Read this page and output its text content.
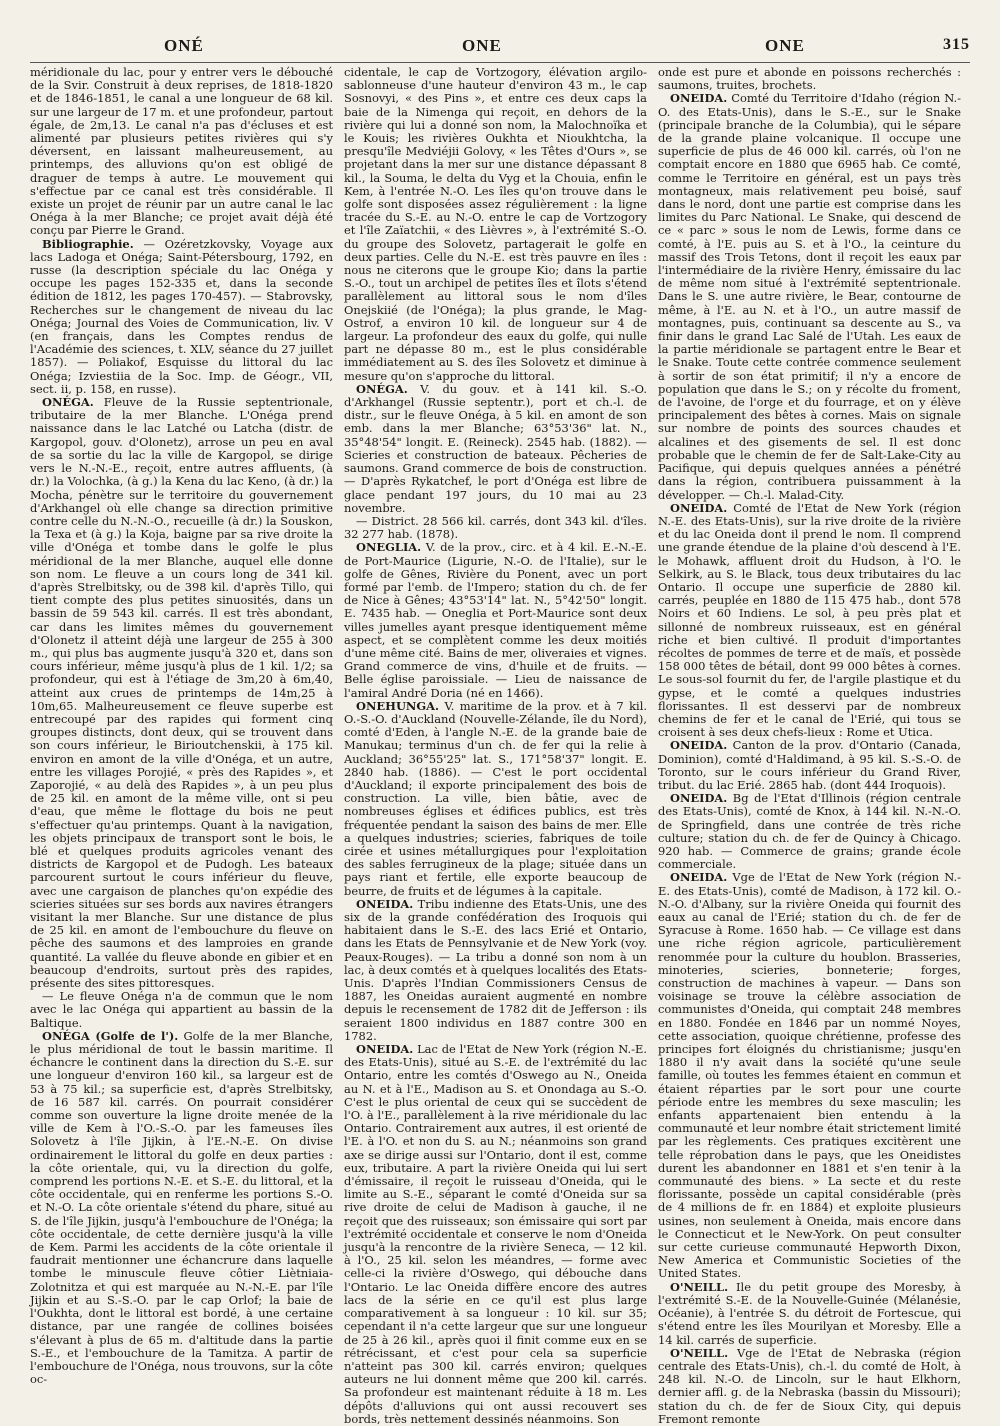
ONÉ	ONE	ONE	315

méridionale du lac, pour y entrer vers le débouché de la Svir. Construit à deux reprises, de 1818-1820 et de 1846-1851, le canal a une longueur de 68 kil. sur une largeur de 17 m. et une profondeur, partout égale, de 2m,13. Le canal n'a pas d'écluses et est alimenté par plusieurs petites rivières qui s'y déversent, en laissant malheureusement, au printemps, des alluvions qu'on est obligé de draguer de temps à autre. Le mouvement qui s'effectue par ce canal est très considérable. Il existe un projet de réunir par un autre canal le lac Onéga à la mer Blanche; ce projet avait déjà été conçu par Pierre le Grand.

Bibliographie. — Ozéretzkovsky, Voyage aux lacs Ladoga et Onéga; Saint-Pétersbourg, 1792, en russe (la description spéciale du lac Onéga y occupe les pages 152-335 et, dans la seconde édition de 1812, les pages 170-457). — Stabrovsky, Recherches sur le changement de niveau du lac Onéga; Journal des Voies de Communication, liv. V (en français, dans les Comptes rendus de l'Académie des sciences, t. XLV, séance du 27 juillet 1857). — Poliakof, Esquisse du littoral du lac Onéga; Izviestiia de la Soc. Imp. de Géogr., VII, sect. ii, p. 158, en russe).

ONÉGA. Fleuve de la Russie septentrionale, tributaire de la mer Blanche. L'Onéga prend naissance dans le lac Latché ou Latcha (distr. de Kargopol, gouv. d'Olonetz), arrose un peu en aval de sa sortie du lac la ville de Kargopol, se dirige vers le N.-N.-E., reçoit, entre autres affluents, (à dr.) la Volochka, (à g.) la Kena du lac Keno, (à dr.) la Mocha, pénètre sur le territoire du gouvernement d'Arkhangel où elle change sa direction primitive contre celle du N.-N.-O., recueille (à dr.) la Souskon, la Texa et (à g.) la Koja, baigne par sa rive droite la ville d'Onéga et tombe dans le golfe le plus méridional de la mer Blanche, auquel elle donne son nom. Le fleuve a un cours long de 341 kil. d'après Strelbitsky, ou de 398 kil. d'après Tillo, qui tient compte des plus petites sinuosités, dans un bassin de 59 543 kil. carrés. Il est très abondant, car dans les limites mêmes du gouvernement d'Olonetz il atteint déjà une largeur de 255 à 300 m., qui plus bas augmente jusqu'à 320 et, dans son cours inférieur, même jusqu'à plus de 1 kil. 1/2; sa profondeur, qui est à l'étiage de 3m,20 à 6m,40, atteint aux crues de printemps de 14m,25 à 10m,65. Malheureusement ce fleuve superbe est entrecoupé par des rapides qui forment cinq groupes distincts, dont deux, qui se trouvent dans son cours inférieur, le Birioutchenskii, à 175 kil. environ en amont de la ville d'Onéga, et un autre, entre les villages Porojié, « près des Rapides », et Zaporojié, « au delà des Rapides », à un peu plus de 25 kil. en amont de la même ville, ont si peu d'eau, que même le flottage du bois ne peut s'effectuer qu'au printemps. Quant à la navigation, les objets principaux de transport sont le bois, le blé et quelques produits agricoles venant des districts de Kargopol et de Pudogh. Les bateaux parcourent surtout le cours inférieur du fleuve, avec une cargaison de planches qu'on expédie des scieries situées sur ses bords aux navires étrangers visitant la mer Blanche. Sur une distance de plus de 25 kil. en amont de l'embouchure du fleuve on pêche des saumons et des lamproies en grande quantité. La vallée du fleuve abonde en gibier et en beaucoup d'endroits, surtout près des rapides, présente des sites pittoresques.

— Le fleuve Onéga n'a de commun que le nom avec le lac Onéga qui appartient au bassin de la Baltique.

ONÉGA (Golfe de l'). Golfe de la mer Blanche, le plus méridional de tout le bassin maritime. Il échancre le continent dans la direction du S.-E. sur une longueur d'environ 160 kil., sa largeur est de 53 à 75 kil.; sa superficie est, d'après Strelbitsky, de 16 587 kil. carrés. On pourrait considérer comme son ouverture la ligne droite menée de la ville de Kem à l'O.-S.-O. par les fameuses îles Solovetz à l'île Jijkin, à l'E.-N.-E. On divise ordinairement le littoral du golfe en deux parties : la côte orientale, qui, vu la direction du golfe, comprend les portions N.-E. et S.-E. du littoral, et la côte occidentale, qui en renferme les portions S.-O. et N.-O. La côte orientale s'étend du phare, situé au S. de l'île Jijkin, jusqu'à l'embouchure de l'Onéga; la côte occidentale, de cette dernière jusqu'à la ville de Kem. Parmi les accidents de la côte orientale il faudrait mentionner une échancrure dans laquelle tombe le minuscule fleuve côtier Liètniaia-Zolotnitza et qui est marquée au N.-N.-E. par l'île Jijkin et au S.-S.-O. par le cap Orlof; la baie de l'Oukhta, dont le littoral est bordé, à une certaine distance, par une rangée de collines boisées s'élevant à plus de 65 m. d'altitude dans la partie S.-E., et l'embouchure de la Tamitza. A partir de l'embouchure de l'Onéga, nous trouvons, sur la côte oc-

cidentale, le cap de Vortzogory, élévation argilo-sablonneuse d'une hauteur d'environ 43 m., le cap Sosnovyi, « des Pins », et entre ces deux caps la baie de la Nimenga qui reçoit, en dehors de la rivière qui lui a donné son nom, la Malochnoïka et le Kouis; les rivières Oukhta et Nioukhtcha, la presqu'île Medviéjii Golovy, « les Têtes d'Ours », se projetant dans la mer sur une distance dépassant 8 kil., la Souma, le delta du Vyg et la Chouia, enfin le Kem, à l'entrée N.-O. Les îles qu'on trouve dans le golfe sont disposées assez régulièrement : la ligne tracée du S.-E. au N.-O. entre le cap de Vortzogory et l'île Zaïatchii, « des Lièvres », à l'extrémité S.-O. du groupe des Solovetz, partagerait le golfe en deux parties. Celle du N.-E. est très pauvre en îles : nous ne citerons que le groupe Kio; dans la partie S.-O., tout un archipel de petites îles et îlots s'étend parallèlement au littoral sous le nom d'îles Onejskiié (de l'Onéga); la plus grande, le Mag-Ostrof, a environ 10 kil. de longueur sur 4 de largeur. La profondeur des eaux du golfe, qui nulle part ne dépasse 80 m., est le plus considérable immédiatement au S. des îles Solovetz et diminue à mesure qu'on s'approche du littoral.

ONÉGA. V. du gouv. et à 141 kil. S.-O. d'Arkhangel (Russie septentr.), port et ch.-l. de distr., sur le fleuve Onéga, à 5 kil. en amont de son emb. dans la mer Blanche; 63°53'36" lat. N., 35°48'54" longit. E. (Reineck). 2545 hab. (1882). — Scieries et construction de bateaux. Pêcheries de saumons. Grand commerce de bois de construction. — D'après Rykatchef, le port d'Onéga est libre de glace pendant 197 jours, du 10 mai au 23 novembre.

— District. 28 566 kil. carrés, dont 343 kil. d'îles. 32 277 hab. (1878).

ONEGLIA. V. de la prov., circ. et à 4 kil. E.-N.-E. de Port-Maurice (Ligurie, N.-O. de l'Italie), sur le golfe de Gênes, Rivière du Ponent, avec un port formé par l'emb. de l'Impero; station du ch. de fer de Nice à Gênes; 43°53'14" lat. N., 5°42'50" longit. E. 7435 hab. — Oneglia et Port-Maurice sont deux villes jumelles ayant presque identiquement même aspect, et se complètent comme les deux moitiés d'une même cité. Bains de mer, oliveraies et vignes. Grand commerce de vins, d'huile et de fruits. — Belle église paroissiale. — Lieu de naissance de l'amiral André Doria (né en 1466).

ONEHUNGA. V. maritime de la prov. et à 7 kil. O.-S.-O. d'Auckland (Nouvelle-Zélande, île du Nord), comté d'Eden, à l'angle N.-E. de la grande baie de Manukau; terminus d'un ch. de fer qui la relie à Auckland; 36°55'25" lat. S., 171°58'37" longit. E. 2840 hab. (1886). — C'est le port occidental d'Auckland; il exporte principalement des bois de construction. La ville, bien bâtie, avec de nombreuses églises et édifices publics, est très fréquentée pendant la saison des bains de mer. Elle a quelques industries; scieries, fabriques de toile cirée et usines métallurgiques pour l'exploitation des sables ferrugineux de la plage; située dans un pays riant et fertile, elle exporte beaucoup de beurre, de fruits et de légumes à la capitale.

ONEIDA. Tribu indienne des Etats-Unis, une des six de la grande confédération des Iroquois qui habitaient dans le S.-E. des lacs Erié et Ontario, dans les Etats de Pennsylvanie et de New York (voy. Peaux-Rouges). — La tribu a donné son nom à un lac, à deux comtés et à quelques localités des Etats-Unis. D'après l'Indian Commissioners Census de 1887, les Oneidas auraient augmenté en nombre depuis le recensement de 1782 dit de Jefferson : ils seraient 1800 individus en 1887 contre 300 en 1782.

ONEIDA. Lac de l'Etat de New York (région N.-E. des Etats-Unis), situé au S.-E. de l'extrémité du lac Ontario, entre les comtés d'Oswego au N., Oneida au N. et à l'E., Madison au S. et Onondaga au S.-O. C'est le plus oriental de ceux qui se succèdent de l'O. à l'E., parallèlement à la rive méridionale du lac Ontario. Contrairement aux autres, il est orienté de l'E. à l'O. et non du S. au N.; néanmoins son grand axe se dirige aussi sur l'Ontario, dont il est, comme eux, tributaire. A part la rivière Oneida qui lui sert d'émissaire, il reçoit le ruisseau d'Oneida, qui le limite au S.-E., séparant le comté d'Oneida sur sa rive droite de celui de Madison à gauche, il ne reçoit que des ruisseaux; son émissaire qui sort par l'extrémité occidentale et conserve le nom d'Oneida jusqu'à la rencontre de la rivière Seneca, — 12 kil. à l'O., 25 kil. selon les méandres, — forme avec celle-ci la rivière d'Oswego, qui débouche dans l'Ontario. Le lac Oneida diffère encore des autres lacs de la série en ce qu'il est plus large comparativement à sa longueur : 10 kil. sur 35; cependant il n'a cette largeur que sur une longueur de 25 à 26 kil., après quoi il finit comme eux en se rétrécissant, et c'est pour cela sa superficie n'atteint pas 300 kil. carrés environ; quelques auteurs ne lui donnent même que 200 kil. carrés. Sa profondeur est maintenant réduite à 18 m. Les dépôts d'alluvions qui ont aussi recouvert ses bords, très nettement dessinés néanmoins. Son

onde est pure et abonde en poissons recherchés : saumons, truites, brochets.

ONEIDA. Comté du Territoire d'Idaho (région N.-O. des Etats-Unis), dans le S.-E., sur le Snake (principale branche de la Columbia), qui le sépare de la grande plaine volcanique. Il occupe une superficie de plus de 46 000 kil. carrés, où l'on ne comptait encore en 1880 que 6965 hab. Ce comté, comme le Territoire en général, est un pays très montagneux, mais relativement peu boisé, sauf dans le nord, dont une partie est comprise dans les limites du Parc National. Le Snake, qui descend de ce « parc » sous le nom de Lewis, forme dans ce comté, à l'E. puis au S. et à l'O., la ceinture du massif des Trois Tetons, dont il reçoit les eaux par l'intermédiaire de la rivière Henry, émissaire du lac de même nom situé à l'extrémité septentrionale. Dans le S. une autre rivière, le Bear, contourne de même, à l'E. au N. et à l'O., un autre massif de montagnes, puis, continuant sa descente au S., va finir dans le grand Lac Salé de l'Utah. Les eaux de la partie méridionale se partagent entre le Bear et le Snake. Toute cette contrée commence seulement à sortir de son état primitif; il n'y a encore de population que dans le S.; on y récolte du froment, de l'avoine, de l'orge et du fourrage, et on y élève principalement des bêtes à cornes. Mais on signale sur nombre de points des sources chaudes et alcalines et des gisements de sel. Il est donc probable que le chemin de fer de Salt-Lake-City au Pacifique, qui depuis quelques années a pénétré dans la région, contribuera puissamment à la développer. — Ch.-l. Malad-City.

ONEIDA. Comté de l'Etat de New York (région N.-E. des Etats-Unis), sur la rive droite de la rivière et du lac Oneida dont il prend le nom. Il comprend une grande étendue de la plaine d'où descend à l'E. le Mohawk, affluent droit du Hudson, à l'O. le Selkirk, au S. le Black, tous deux tributaires du lac Ontario. Il occupe une superficie de 2880 kil. carrés, peuplée en 1880 de 115 475 hab., dont 578 Noirs et 60 Indiens. Le sol, à peu près plat et sillonné de nombreux ruisseaux, est en général riche et bien cultivé. Il produit d'importantes récoltes de pommes de terre et de maïs, et possède 158 000 têtes de bétail, dont 99 000 bêtes à cornes. Le sous-sol fournit du fer, de l'argile plastique et du gypse, et le comté a quelques industries florissantes. Il est desservi par de nombreux chemins de fer et le canal de l'Erié, qui tous se croisent à ses deux chefs-lieux : Rome et Utica.

ONEIDA. Canton de la prov. d'Ontario (Canada, Dominion), comté d'Haldimand, à 95 kil. S.-S.-O. de Toronto, sur le cours inférieur du Grand River, tribut. du lac Erié. 2865 hab. (dont 444 Iroquois).

ONEIDA. Bg de l'Etat d'Illinois (région centrale des Etats-Unis), comté de Knox, à 144 kil. N.-N.-O. de Springfield, dans une contrée de très riche culture; station du ch. de fer de Quincy à Chicago. 920 hab. — Commerce de grains; grande école commerciale.

ONEIDA. Vge de l'Etat de New York (région N.-E. des Etats-Unis), comté de Madison, à 172 kil. O.-N.-O. d'Albany, sur la rivière Oneida qui fournit des eaux au canal de l'Erié; station du ch. de fer de Syracuse à Rome. 1650 hab. — Ce village est dans une riche région agricole, particulièrement renommée pour la culture du houblon. Brasseries, minoteries, scieries, bonneterie; forges, construction de machines à vapeur. — Dans son voisinage se trouve la célèbre association de communistes d'Oneida, qui comptait 248 membres en 1880. Fondée en 1846 par un nommé Noyes, cette association, quoique chrétienne, professe des principes fort éloignés du christianisme; jusqu'en 1880 il n'y avait dans la société qu'une seule famille, où toutes les femmes étaient en commun et étaient réparties par le sort pour une courte période entre les membres du sexe masculin; les enfants appartenaient bien entendu à la communauté et leur nombre était strictement limité par les règlements. Ces pratiques excitèrent une telle réprobation dans le pays, que les Oneidistes durent les abandonner en 1881 et s'en tenir à la communauté des biens. » La secte et du reste florissante, possède un capital considérable (près de 4 millions de fr. en 1884) et exploite plusieurs usines, non seulement à Oneida, mais encore dans le Connecticut et le New-York. On peut consulter sur cette curieuse communauté Hepworth Dixon, New America et Communistic Societies of the United States.

O'NEILL. Ile du petit groupe des Moresby, à l'extrémité S.-E. de la Nouvelle-Guinée (Mélanésie, Océanie), à l'entrée S. du détroit de Fortescue, qui s'étend entre les îles Mourilyan et Moresby. Elle a 14 kil. carrés de superficie.

O'NEILL. Vge de l'Etat de Nebraska (région centrale des Etats-Unis), ch.-l. du comté de Holt, à 248 kil. N.-O. de Lincoln, sur le haut Elkhorn, dernier affl. g. de la Nebraska (bassin du Missouri); station du ch. de fer de Sioux City, qui depuis Fremont remonte
